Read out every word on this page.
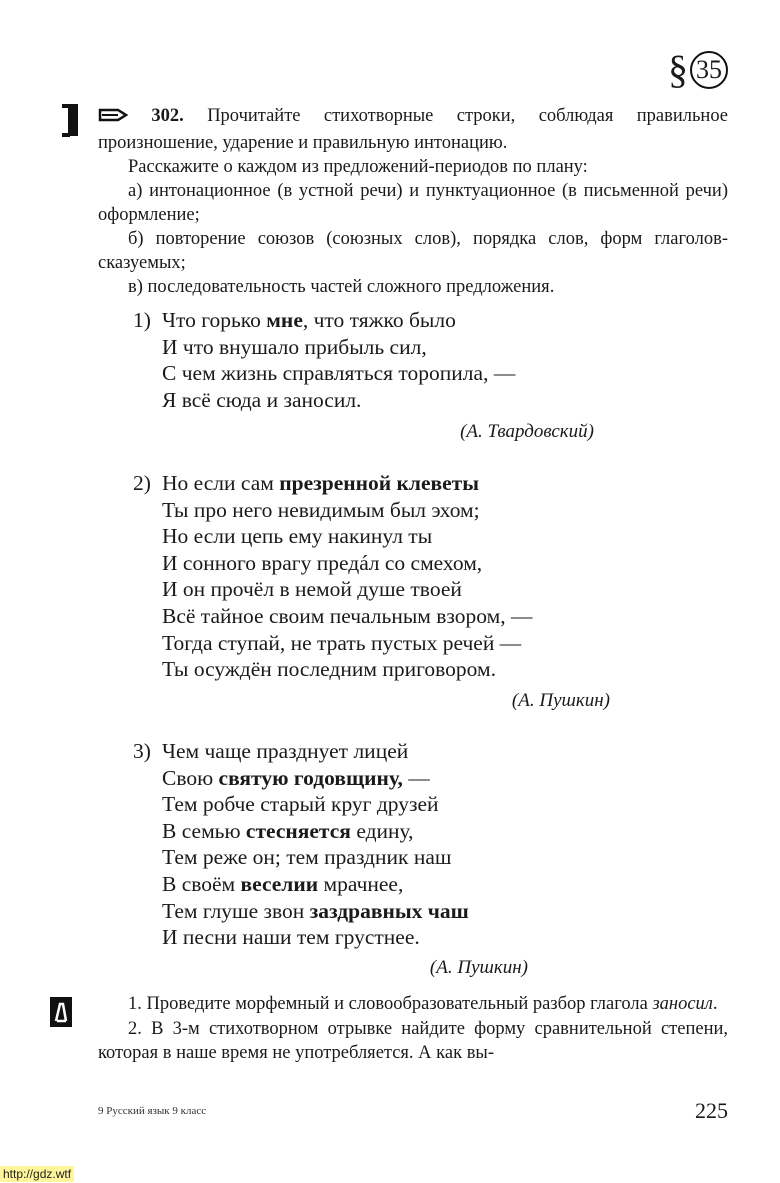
§ 35
302. Прочитайте стихотворные строки, соблюдая правильное произношение, ударение и правильную интонацию.
Расскажите о каждом из предложений-периодов по плану:
а) интонационное (в устной речи) и пунктуационное (в письменной речи) оформление;
б) повторение союзов (союзных слов), порядка слов, форм глаголов-сказуемых;
в) последовательность частей сложного предложения.
1) Что горько мне, что тяжко было
И что внушало прибыль сил,
С чем жизнь справляться торопила, —
Я всё сюда и заносил.
(А. Твардовский)
2) Но если сам презренной клеветы
Ты про него невидимым был эхом;
Но если цепь ему накинул ты
И сонного врагу предáл со смехом,
И он прочёл в немой душе твоей
Всё тайное своим печальным взором, —
Тогда ступай, не трать пустых речей —
Ты осуждён последним приговором.
(А. Пушкин)
3) Чем чаще празднует лицей
Свою святую годовщину, —
Тем робче старый круг друзей
В семью стесняется едину,
Тем реже он; тем праздник наш
В своём веселии мрачнее,
Тем глуше звон заздравных чаш
И песни наши тем грустнее.
(А. Пушкин)
1. Проведите морфемный и словообразовательный разбор глагола заносил.
2. В 3-м стихотворном отрывке найдите форму сравнительной степени, которая в наше время не употребляется. А как вы-
9 Русский язык 9 класс	225
http://gdz.wtf
